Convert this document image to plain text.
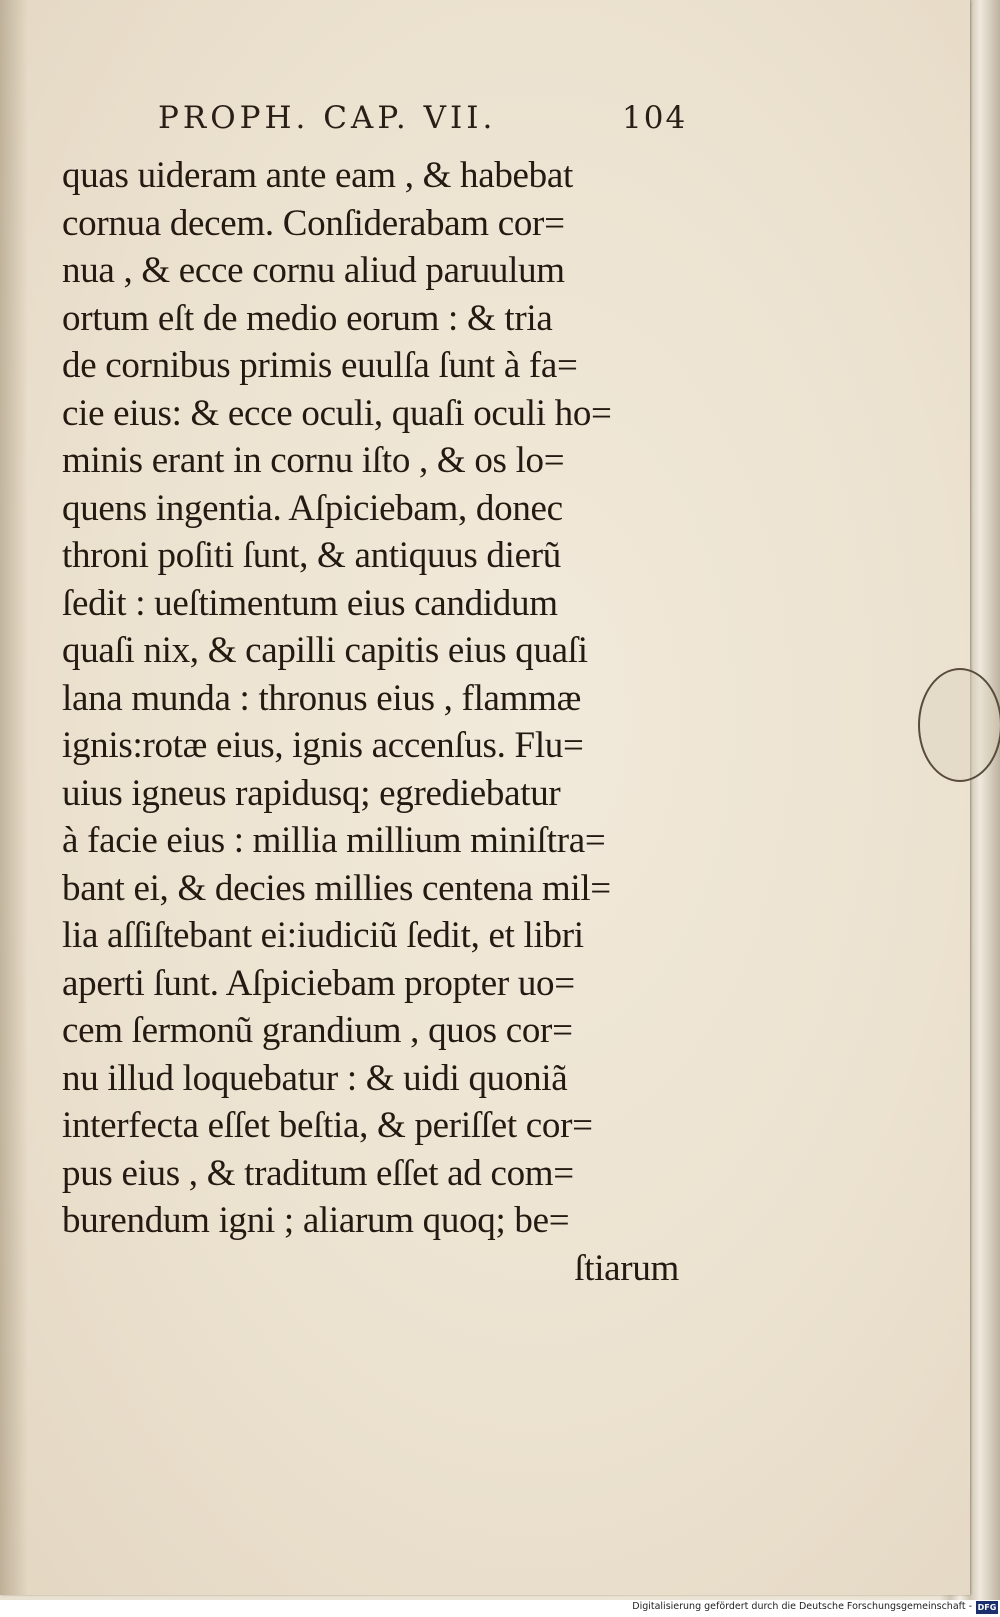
PROPH. CAP. VII.	104
quas uideram ante eam , & habebat
cornua decem. Conſiderabam cor=
nua , & ecce cornu aliud paruulum
ortum eſt de medio eorum : & tria
de cornibus primis euulſa ſunt à fa=
cie eius: & ecce oculi, quaſi oculi ho=
minis erant in cornu iſto , & os lo=
quens ingentia. Aſpiciebam, donec
throni poſiti ſunt, & antiquus dierũ
ſedit : ueſtimentum eius candidum
quaſi nix, & capilli capitis eius quaſi
lana munda : thronus eius , flammæ
ignis:rotæ eius, ignis accenſus. Flu=
uius igneus rapidusq; egrediebatur
à facie eius : millia millium miniſtra=
bant ei, & decies millies centena mil=
lia aſſiſtebant ei:iudiciũ ſedit, et libri
aperti ſunt. Aſpiciebam propter uo=
cem ſermonũ grandium , quos cor=
nu illud loquebatur : & uidi quoniã
interfecta eſſet beſtia, & periſſet cor=
pus eius , & traditum eſſet ad com=
burendum igni ; aliarum quoq; be=
ſtiarum
Digitalisierung gefördert durch die Deutsche Forschungsgemeinschaft - DFG
